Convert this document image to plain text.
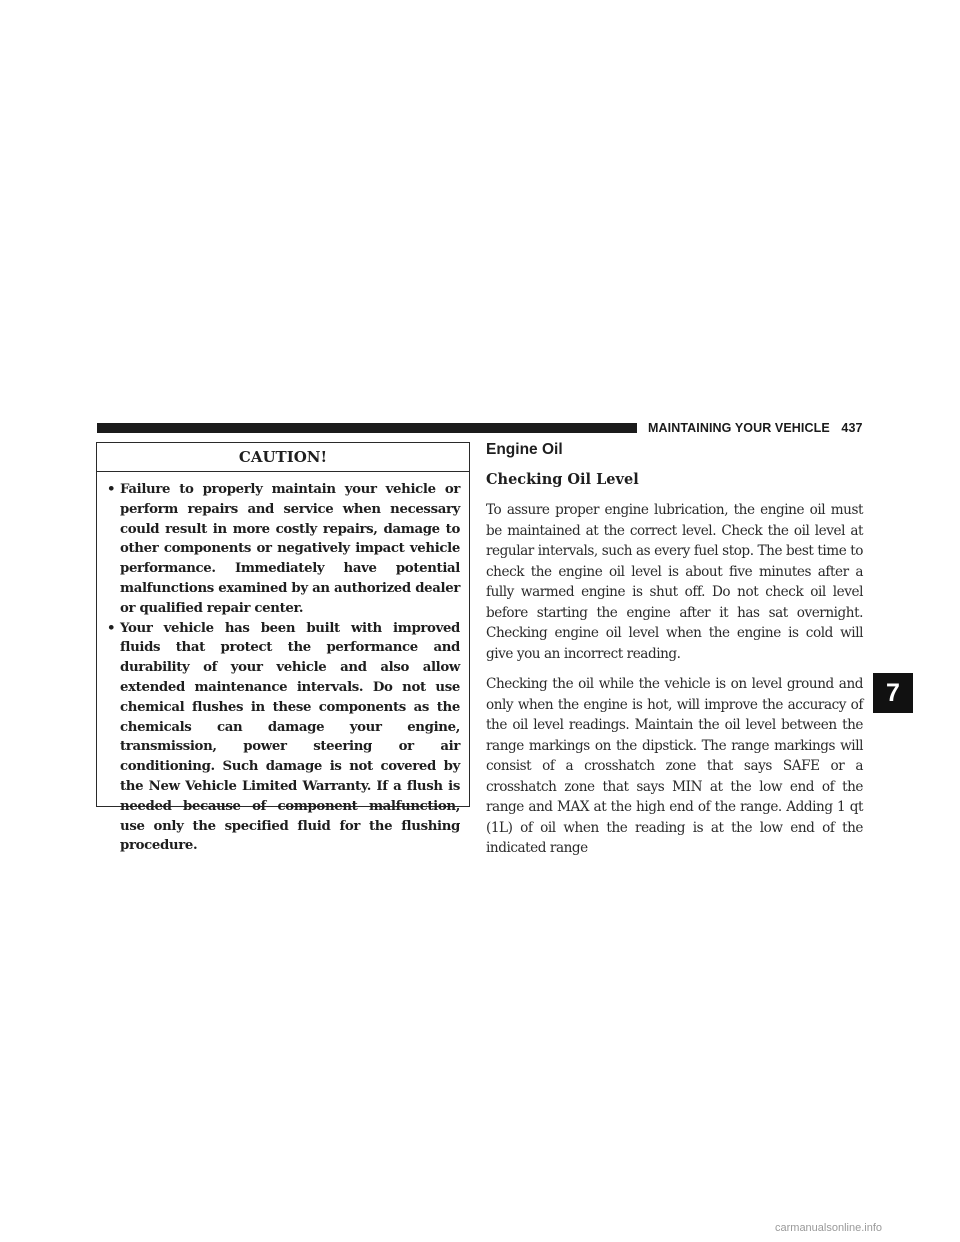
MAINTAINING YOUR VEHICLE 437
CAUTION!
• Failure to properly maintain your vehicle or perform repairs and service when necessary could result in more costly repairs, damage to other components or negatively impact vehicle performance. Immediately have potential malfunctions examined by an authorized dealer or qualified repair center.
• Your vehicle has been built with improved fluids that protect the performance and durability of your vehicle and also allow extended maintenance intervals. Do not use chemical flushes in these components as the chemicals can damage your engine, transmission, power steering or air conditioning. Such damage is not covered by the New Vehicle Limited Warranty. If a flush is needed because of component malfunction, use only the specified fluid for the flushing procedure.
Engine Oil
Checking Oil Level

To assure proper engine lubrication, the engine oil must be maintained at the correct level. Check the oil level at regular intervals, such as every fuel stop. The best time to check the engine oil level is about five minutes after a fully warmed engine is shut off. Do not check oil level before starting the engine after it has sat overnight. Checking engine oil level when the engine is cold will give you an incorrect reading.

Checking the oil while the vehicle is on level ground and only when the engine is hot, will improve the accuracy of the oil level readings. Maintain the oil level between the range markings on the dipstick. The range markings will consist of a crosshatch zone that says SAFE or a crosshatch zone that says MIN at the low end of the range and MAX at the high end of the range. Adding 1 qt (1L) of oil when the reading is at the low end of the indicated range

7
carmanualsonline.info
